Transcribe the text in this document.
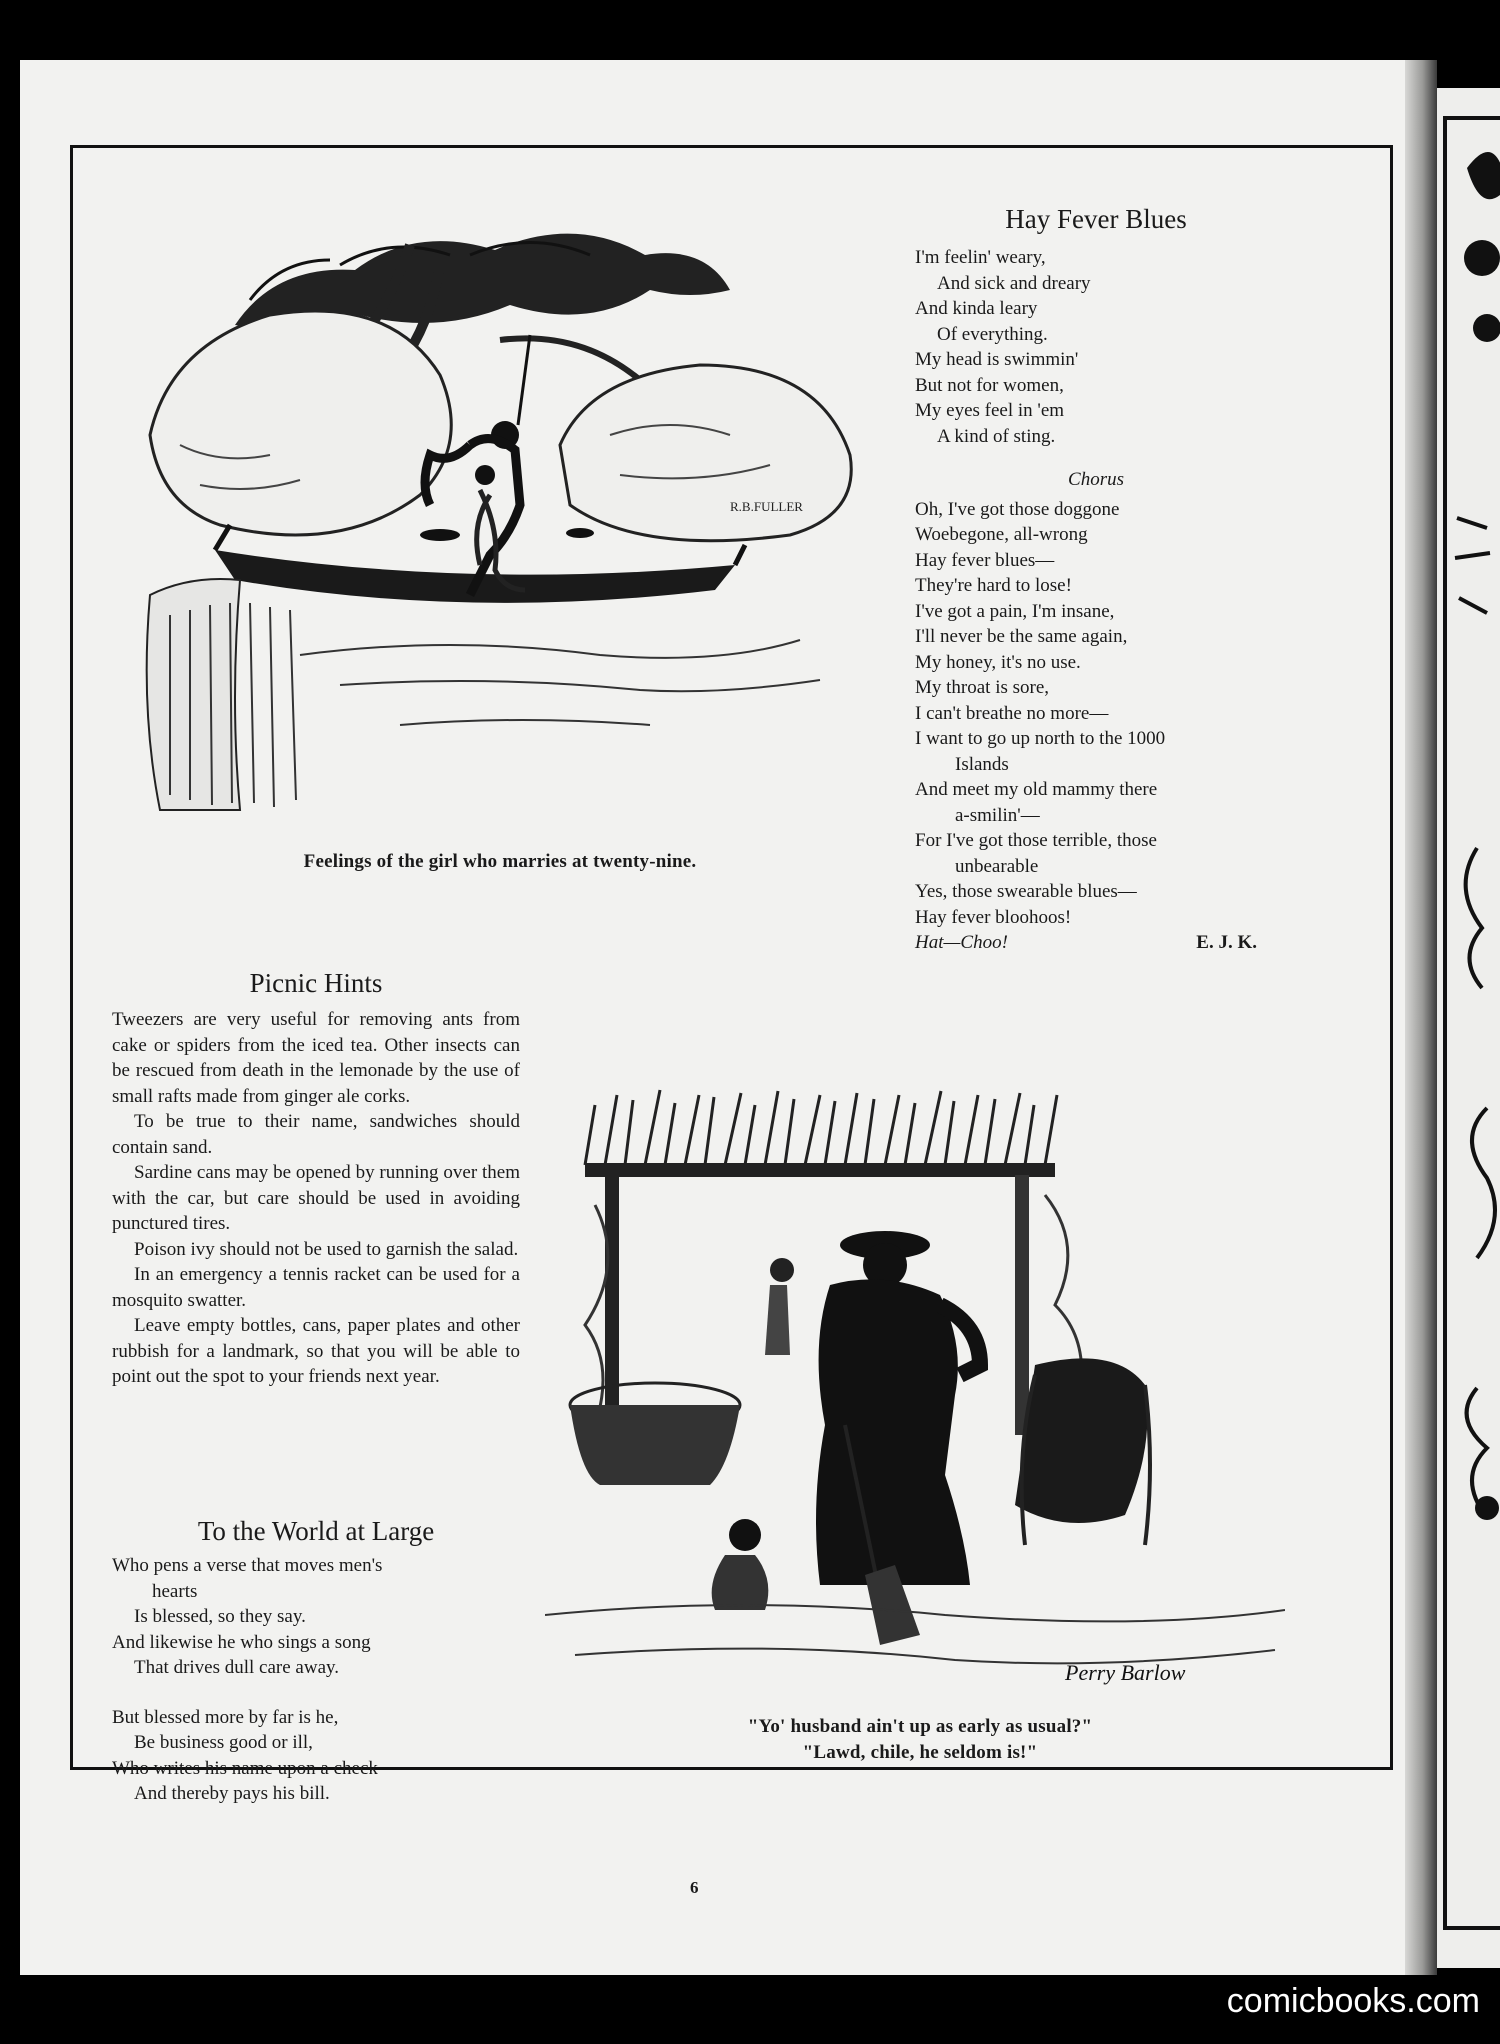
R.B.FULLER
Feelings of the girl who marries at twenty-nine.
Hay Fever Blues

I'm feelin' weary,

And sick and dreary

And kinda leary

Of everything.

My head is swimmin'

But not for women,

My eyes feel in 'em

A kind of sting.

Chorus

Oh, I've got those doggone

Woebegone, all-wrong

Hay fever blues—

They're hard to lose!

I've got a pain, I'm insane,

I'll never be the same again,

My honey, it's no use.

My throat is sore,

I can't breathe no more—

I want to go up north to the 1000

Islands

And meet my old mammy there

a-smilin'—

For I've got those terrible, those

unbearable

Yes, those swearable blues—

Hay fever bloohoos!

Hat—Choo!	E. J. K.

Picnic Hints

Tweezers are very useful for removing ants from cake or spiders from the iced tea. Other insects can be rescued from death in the lemonade by the use of small rafts made from ginger ale corks.

To be true to their name, sandwiches should contain sand.

Sardine cans may be opened by running over them with the car, but care should be used in avoiding punctured tires.

Poison ivy should not be used to garnish the salad.

In an emergency a tennis racket can be used for a mosquito swatter.

Leave empty bottles, cans, paper plates and other rubbish for a landmark, so that you will be able to point out the spot to your friends next year.

To the World at Large

Who pens a verse that moves men's

hearts

Is blessed, so they say.

And likewise he who sings a song

That drives dull care away.

But blessed more by far is he,

Be business good or ill,

Who writes his name upon a check

And thereby pays his bill.

Perry Barlow
"Yo' husband ain't up as early as usual?"
"Lawd, chile, he seldom is!"
6
comicbooks.com
